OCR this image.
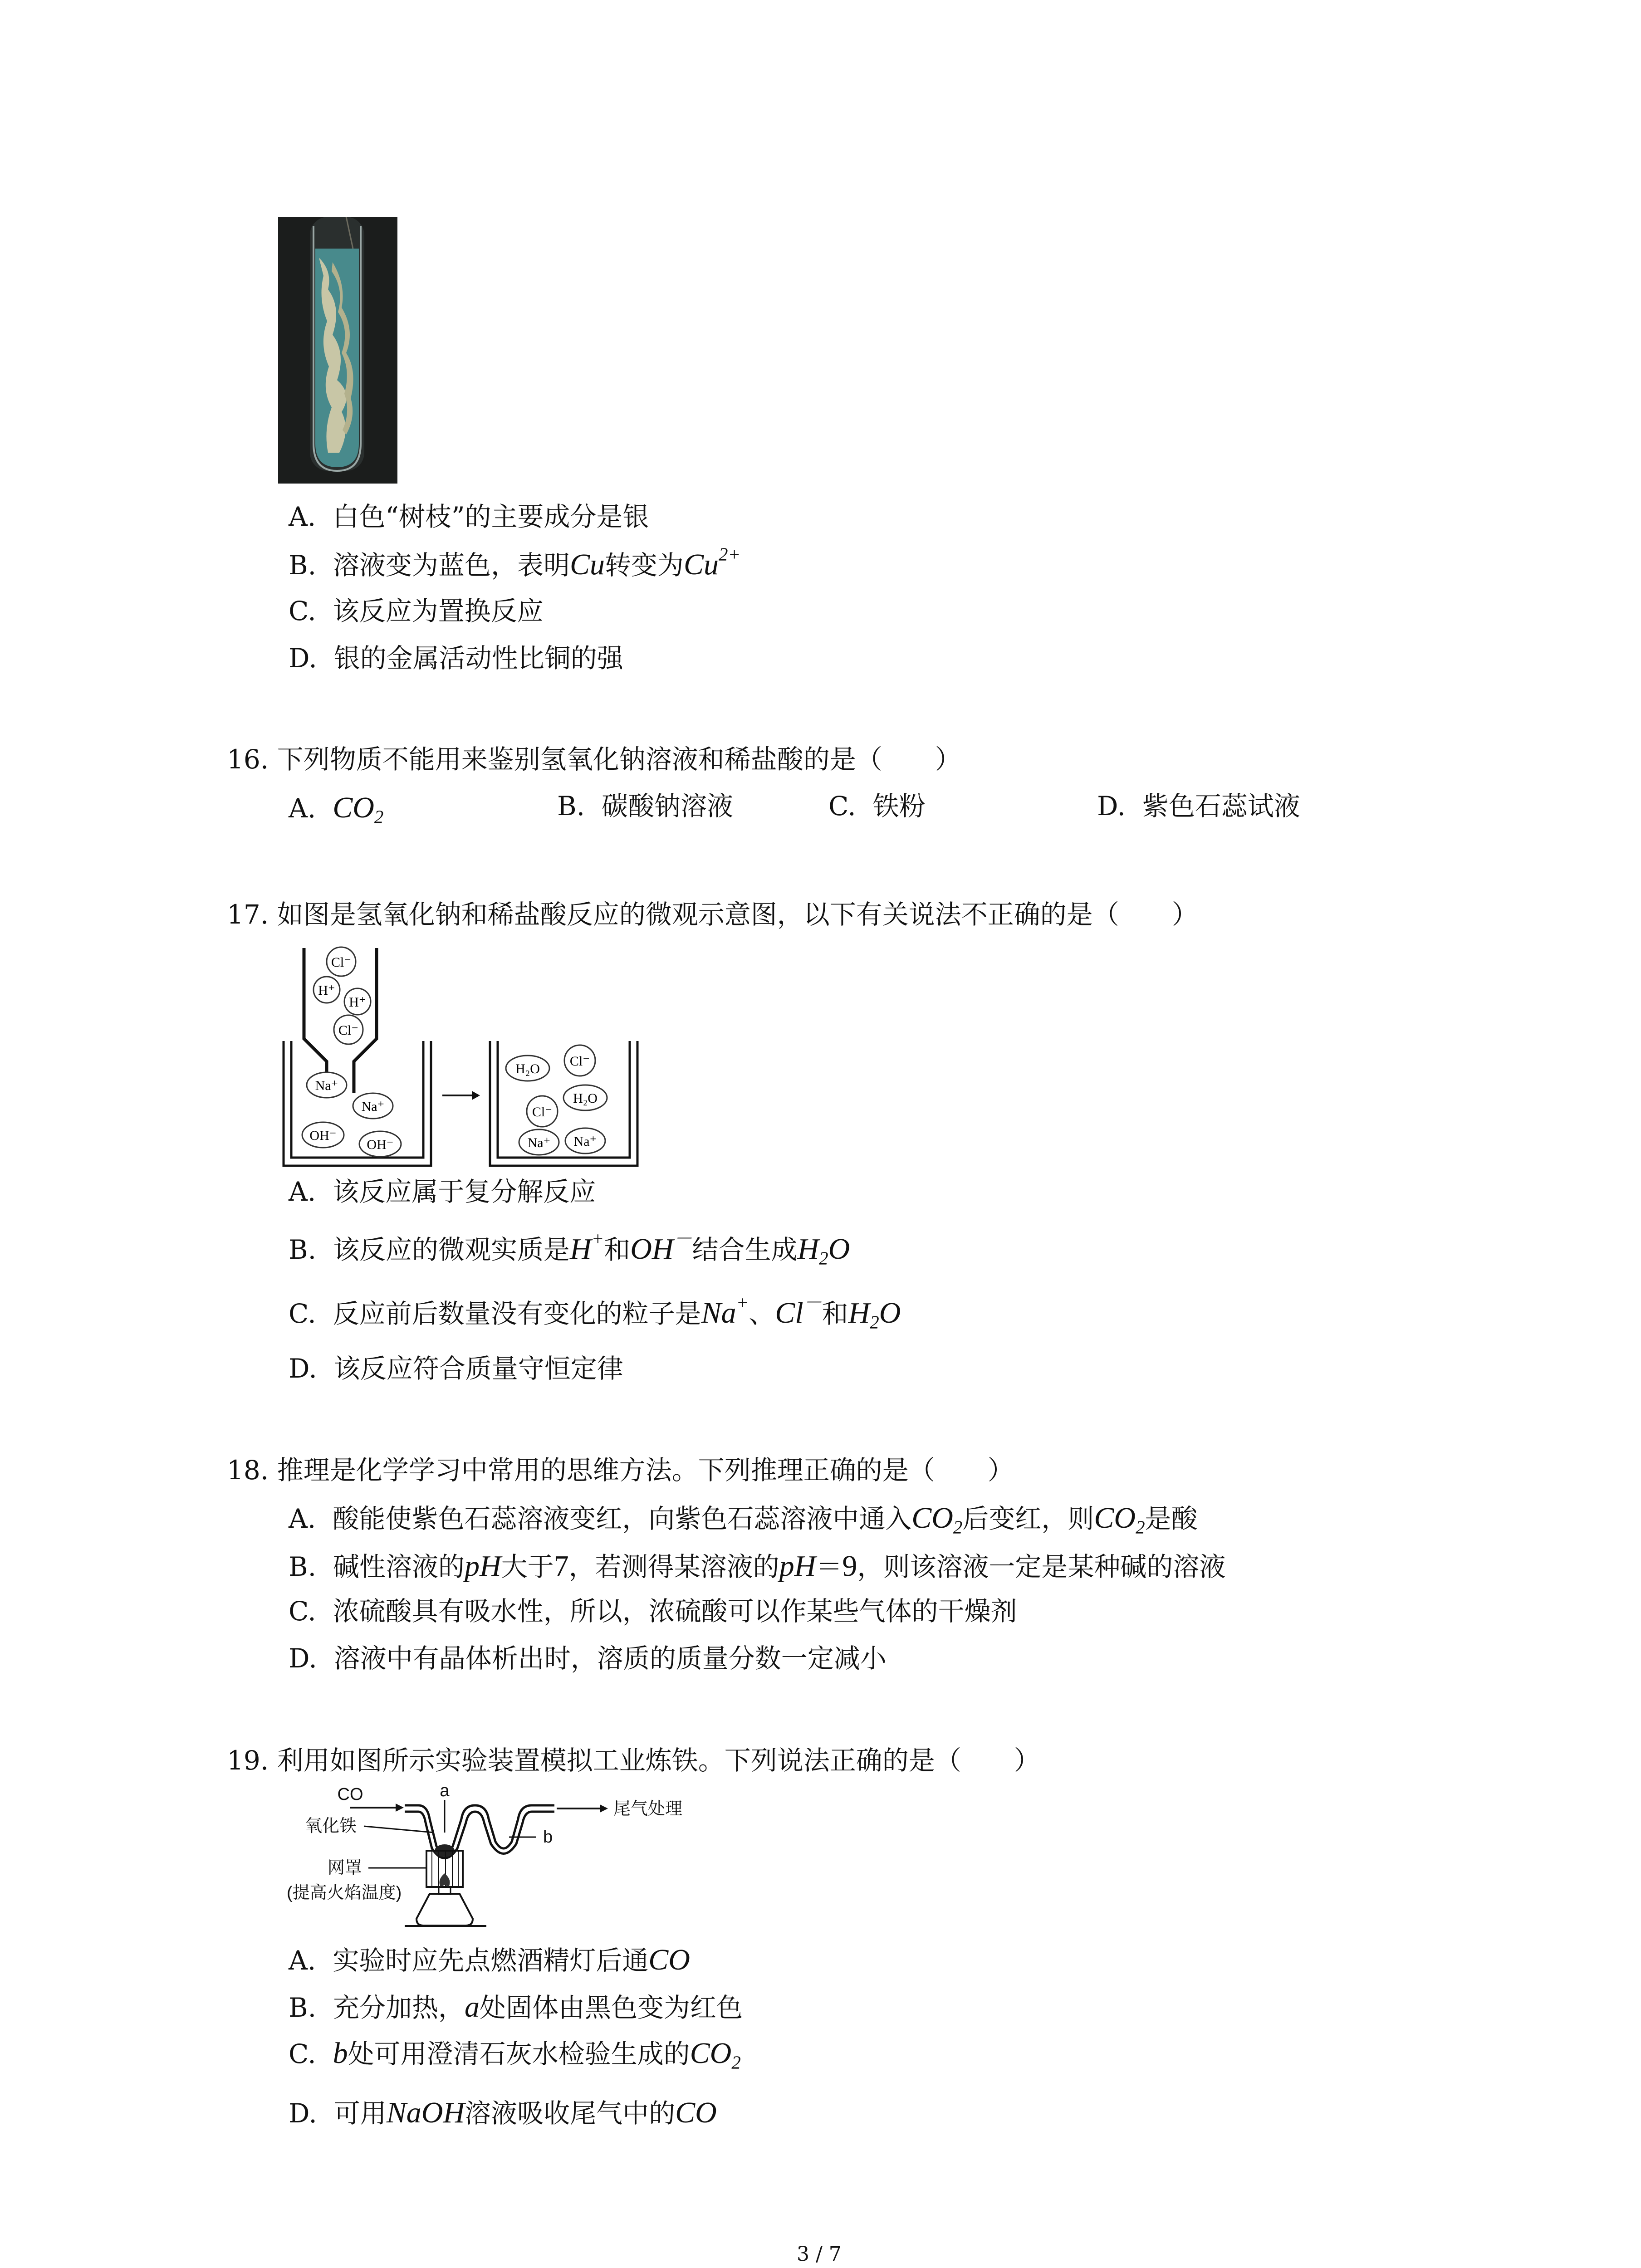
A. 白色“树枝”的主要成分是银
B. 溶液变为蓝色，表明Cu转变为$Cu^{2+}$
C. 该反应为置换反应
D. 银的金属活动性比铜的强
16. 下列物质不能用来鉴别氢氧化钠溶液和稀盐酸的是（　　）
A. $CO_2$	B. 碳酸钠溶液	C. 铁粉	D. 紫色石蕊试液
17. 如图是氢氧化钠和稀盐酸反应的微观示意图，以下有关说法不正确的是（　　）
Cl⁻
H⁺
H⁺
Cl⁻
Na⁺
Na⁺
OH⁻
OH⁻
H₂O
Cl⁻
Cl⁻
H₂O
Na⁺ Na⁺
A. 该反应属于复分解反应
B. 该反应的微观实质是H+和OH－结合生成$H_2O$
C. 反应前后数量没有变化的粒子是Na+、Cl－和$H_2O$
D. 该反应符合质量守恒定律
18. 推理是化学学习中常用的思维方法。下列推理正确的是（　　）
A. 酸能使紫色石蕊溶液变红，向紫色石蕊溶液中通入$CO_2$后变红，则$CO_2$是酸
B. 碱性溶液的pH大于7，若测得某溶液的pH＝9，则该溶液一定是某种碱的溶液
C. 浓硫酸具有吸水性，所以，浓硫酸可以作某些气体的干燥剂
D. 溶液中有晶体析出时，溶质的质量分数一定减小
19. 利用如图所示实验装置模拟工业炼铁。下列说法正确的是（　　）
CO	a
尾气处理
b
氧化铁
网罩
(提高火焰温度)
A. 实验时应先点燃酒精灯后通CO
B. 充分加热，a处固体由黑色变为红色
C. b处可用澄清石灰水检验生成的$CO_2$
D. 可用NaOH溶液吸收尾气中的CO
3 / 7
